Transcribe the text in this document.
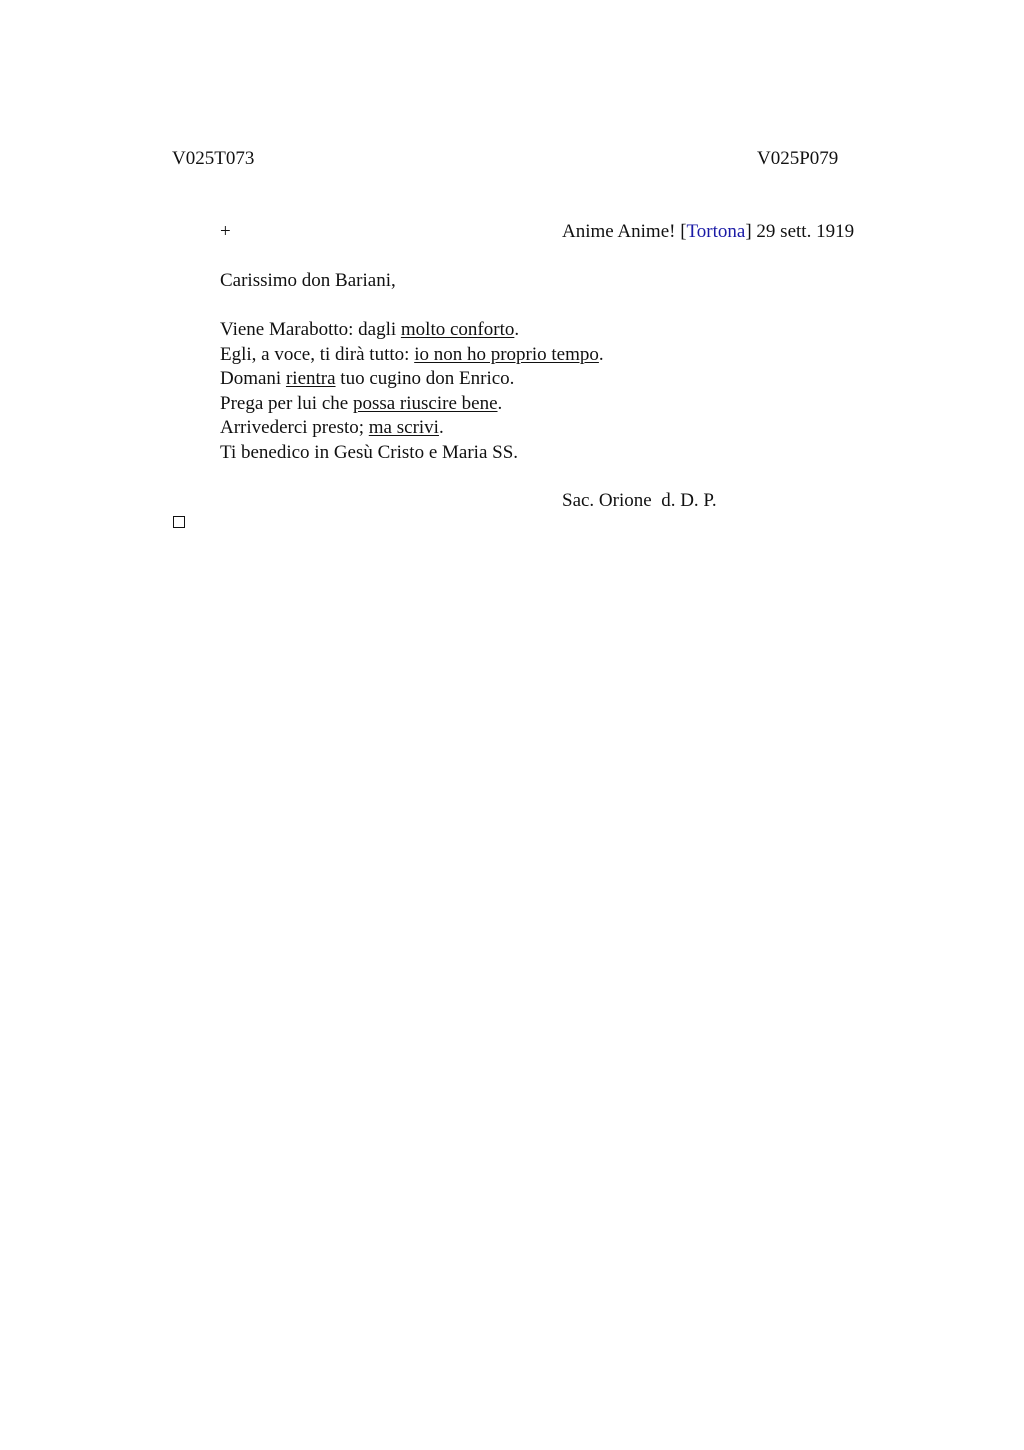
V025T073	V025P079
+	Anime Anime! [Tortona] 29 sett. 1919
Carissimo don Bariani,
Viene Marabotto: dagli molto conforto.
Egli, a voce, ti dirà tutto: io non ho proprio tempo.
Domani rientra tuo cugino don Enrico.
Prega per lui che possa riuscire bene.
Arrivederci presto; ma scrivi.
Ti benedico in Gesù Cristo e Maria SS.
Sac. Orione  d. D. P.
